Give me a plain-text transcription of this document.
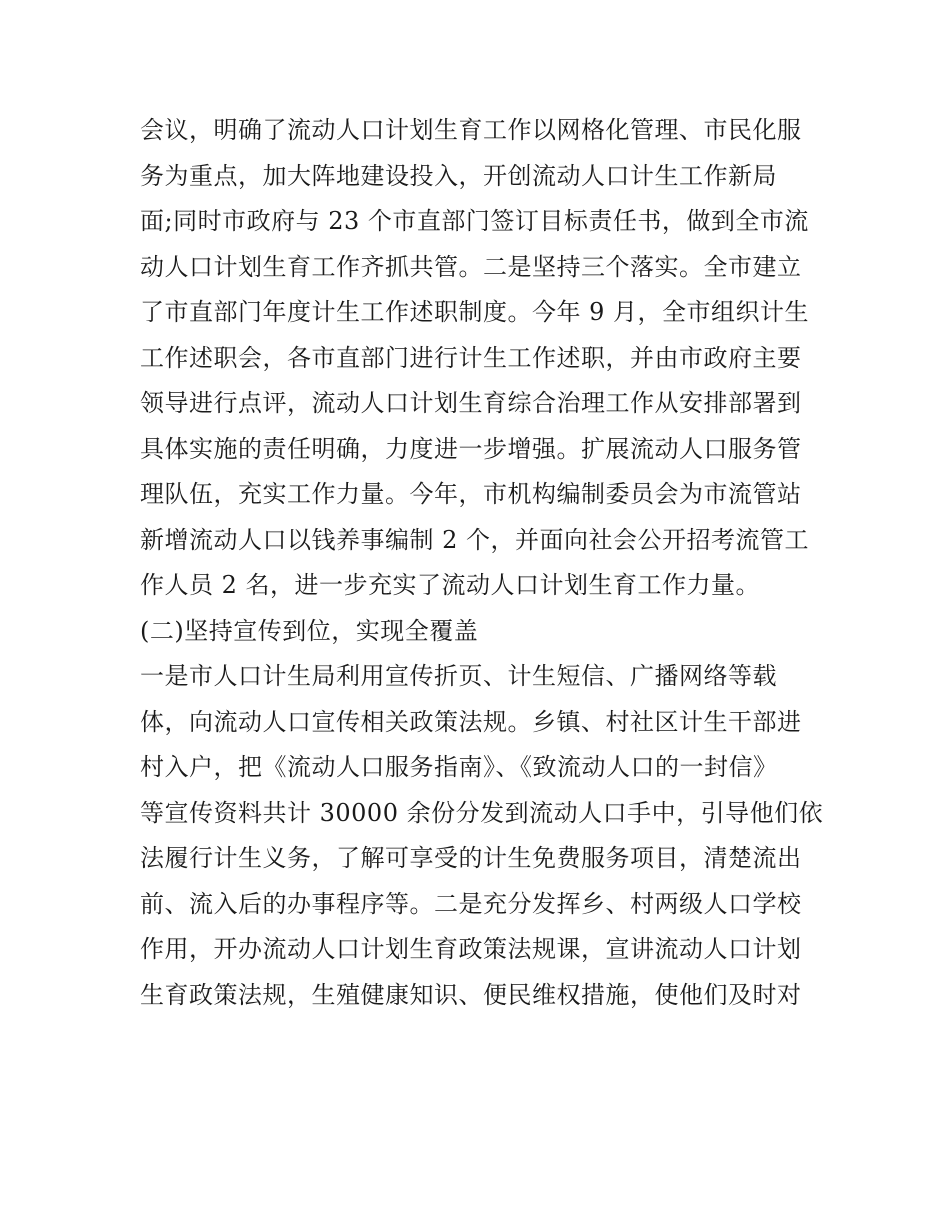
会议，明确了流动人口计划生育工作以网格化管理、市民化服
务为重点，加大阵地建设投入，开创流动人口计生工作新局
面;同时市政府与 23 个市直部门签订目标责任书，做到全市流
动人口计划生育工作齐抓共管。二是坚持三个落实。全市建立
了市直部门年度计生工作述职制度。今年 9 月，全市组织计生
工作述职会，各市直部门进行计生工作述职，并由市政府主要
领导进行点评，流动人口计划生育综合治理工作从安排部署到
具体实施的责任明确，力度进一步增强。扩展流动人口服务管
理队伍，充实工作力量。今年，市机构编制委员会为市流管站
新增流动人口以钱养事编制 2 个，并面向社会公开招考流管工
作人员 2 名，进一步充实了流动人口计划生育工作力量。
(二)坚持宣传到位，实现全覆盖
一是市人口计生局利用宣传折页、计生短信、广播网络等载
体，向流动人口宣传相关政策法规。乡镇、村社区计生干部进
村入户，把《流动人口服务指南》、《致流动人口的一封信》
等宣传资料共计 30000 余份分发到流动人口手中，引导他们依
法履行计生义务，了解可享受的计生免费服务项目，清楚流出
前、流入后的办事程序等。二是充分发挥乡、村两级人口学校
作用，开办流动人口计划生育政策法规课，宣讲流动人口计划
生育政策法规，生殖健康知识、便民维权措施，使他们及时对
